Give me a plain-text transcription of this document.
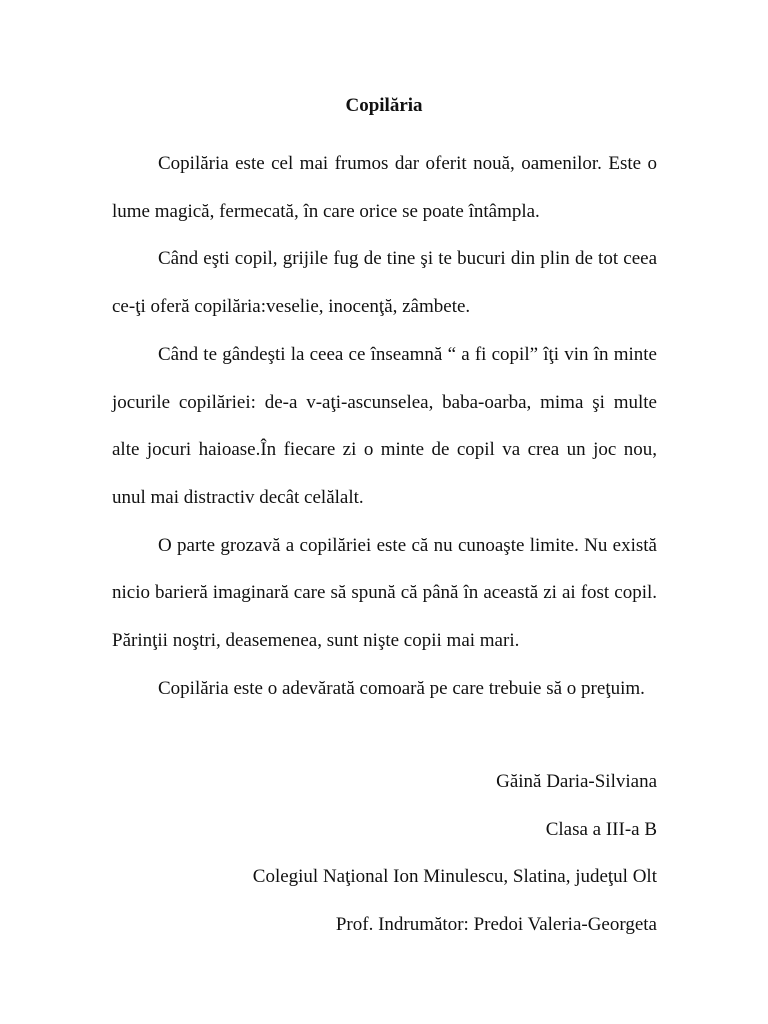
Copilăria

Copilăria este cel mai frumos dar oferit nouă, oamenilor. Este o lume magică, fermecată, în care orice se poate întâmpla.

Când eşti copil, grijile fug de tine şi te bucuri din plin de tot ceea ce-ţi oferă copilăria:veselie, inocenţă, zâmbete.

Când te gândeşti la ceea ce înseamnă “ a fi copil” îţi vin în minte jocurile copilăriei: de-a v-aţi-ascunselea, baba-oarba, mima şi multe alte jocuri haioase.În fiecare zi o minte de copil va crea un joc nou, unul mai distractiv decât celălalt.

O parte grozavă a copilăriei este că nu cunoaşte limite. Nu există nicio barieră imaginară care să spună că până în această zi ai fost copil. Părinţii noştri, deasemenea, sunt nişte copii mai mari.

Copilăria este o adevărată comoară pe care trebuie să o preţuim.

Găină Daria-Silviana
Clasa a III-a B
Colegiul Naţional Ion Minulescu, Slatina, judeţul Olt
Prof. Indrumător: Predoi Valeria-Georgeta
